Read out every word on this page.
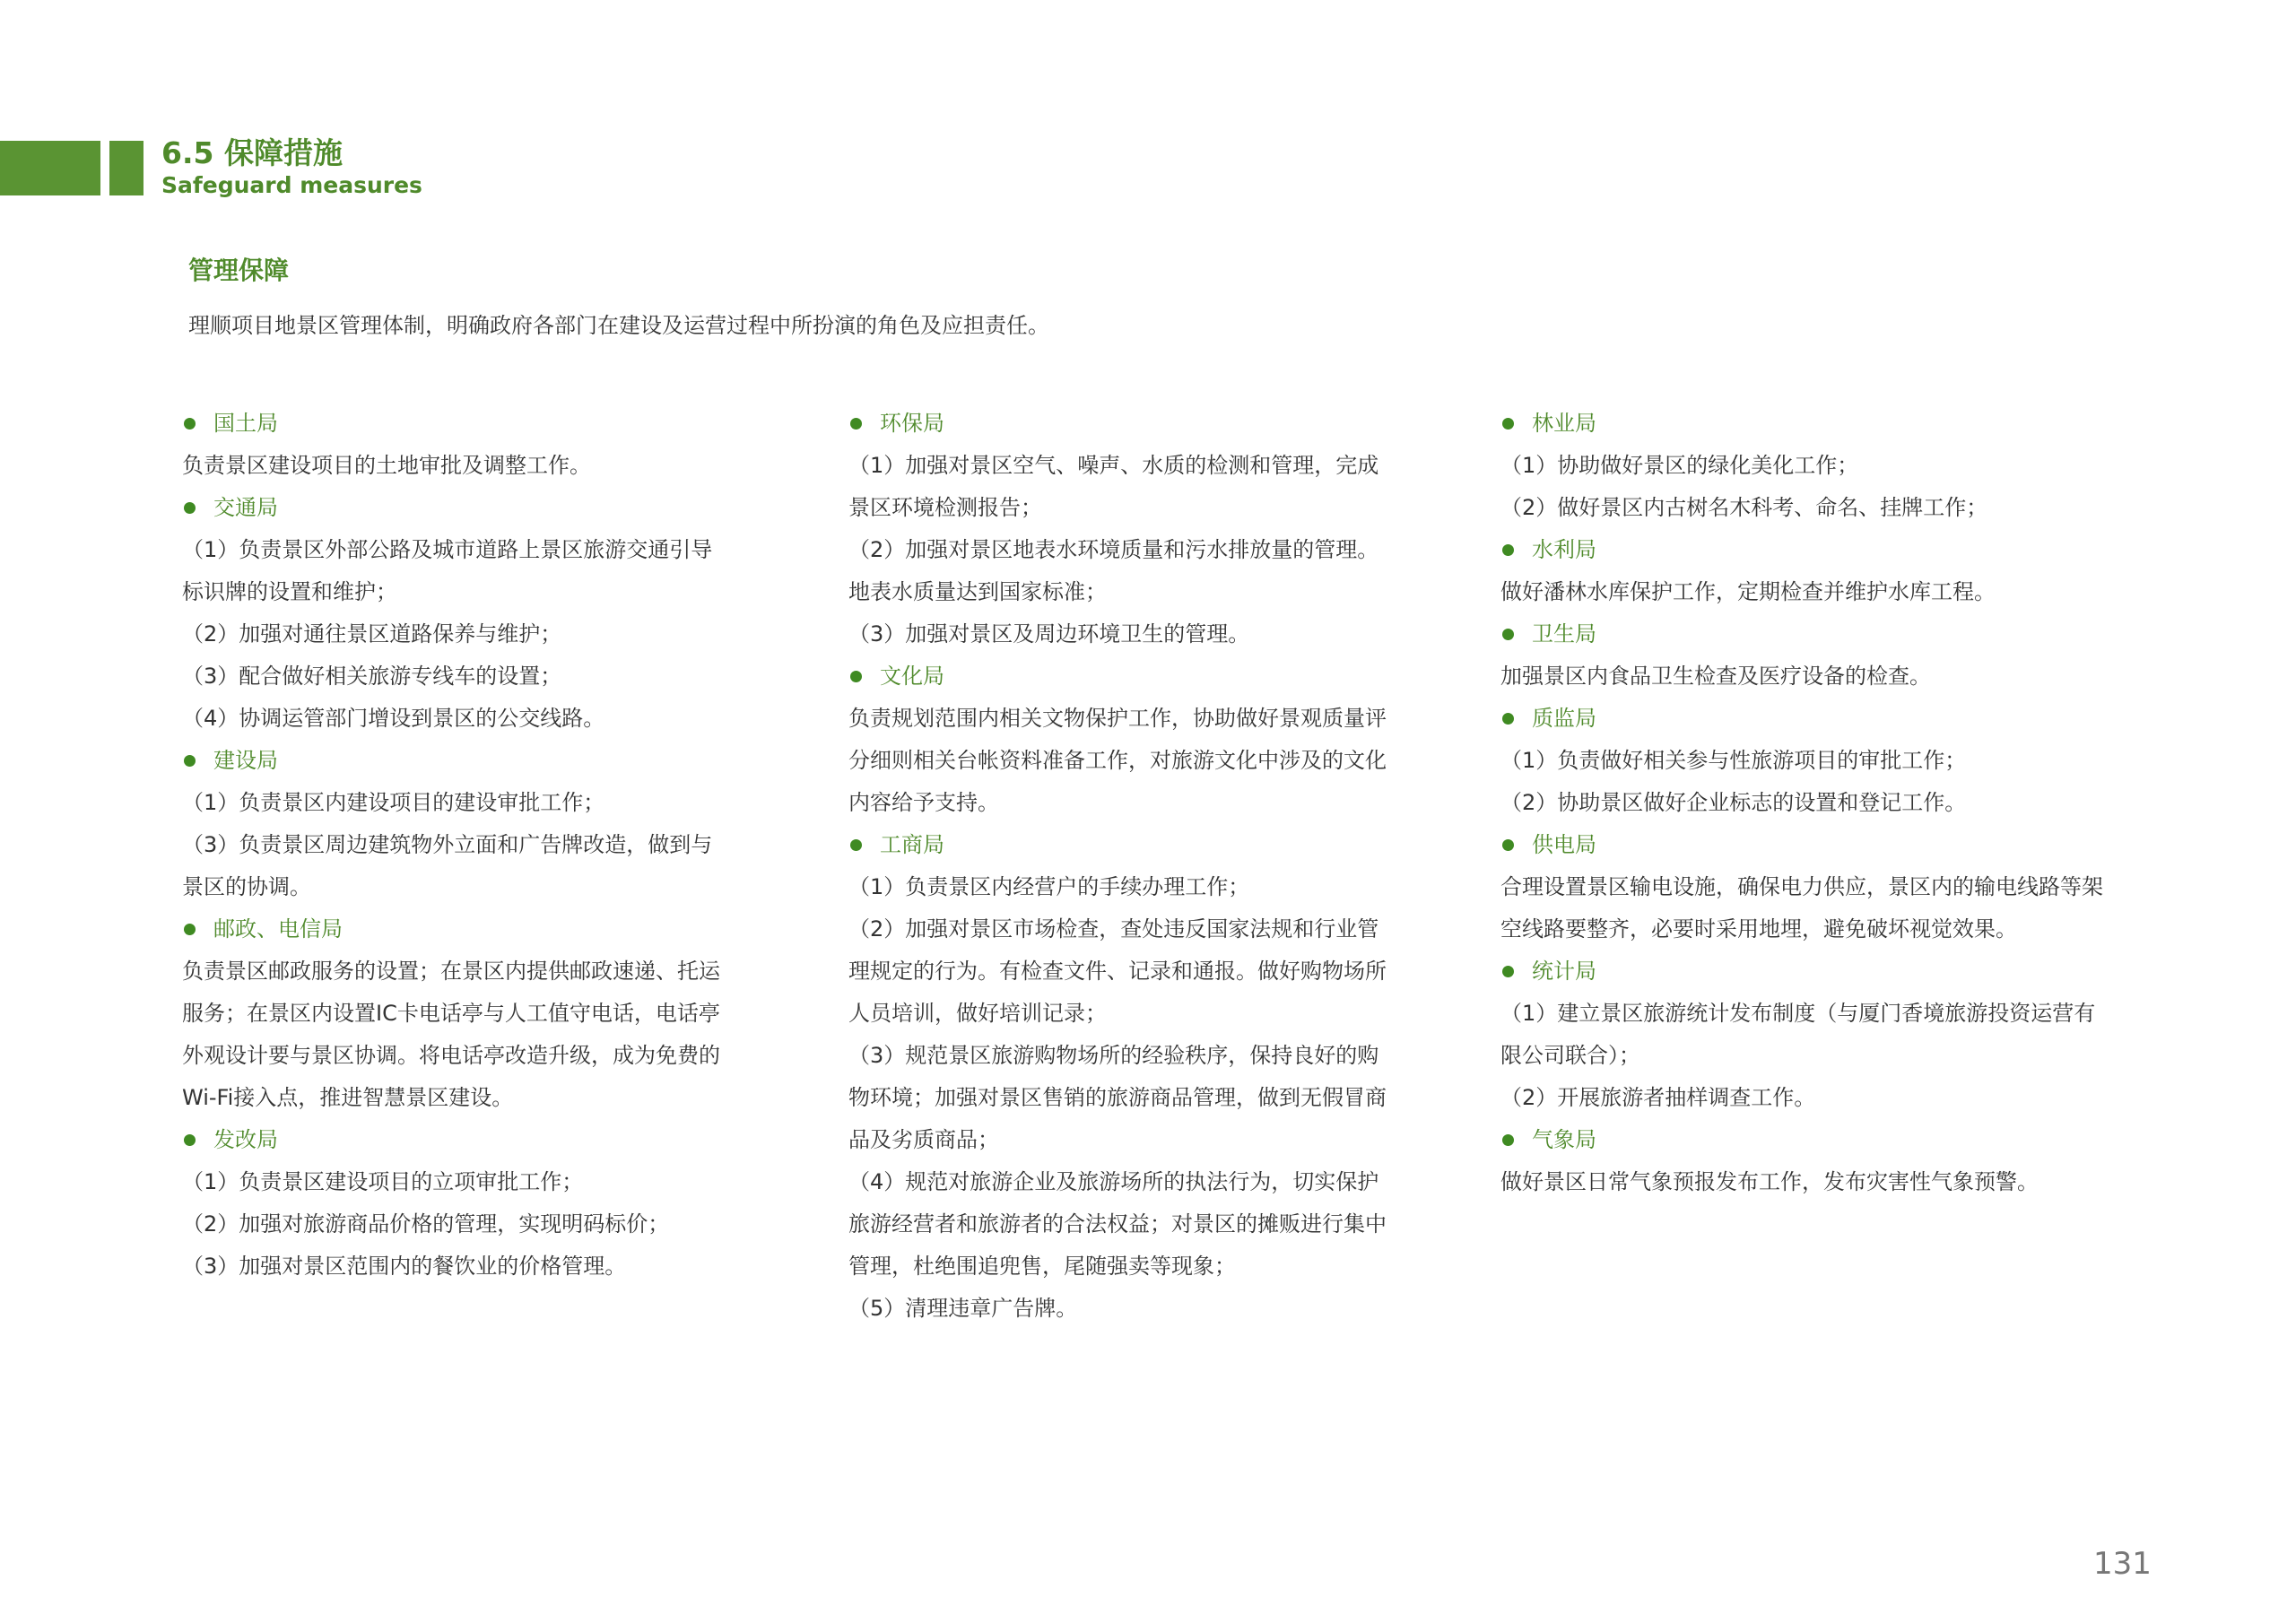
6.5 保障措施
Safeguard measures
管理保障
理顺项目地景区管理体制，明确政府各部门在建设及运营过程中所扮演的角色及应担责任。
国土局
负责景区建设项目的土地审批及调整工作。
交通局
（1）负责景区外部公路及城市道路上景区旅游交通引导
标识牌的设置和维护；
（2）加强对通往景区道路保养与维护；
（3）配合做好相关旅游专线车的设置；
（4）协调运管部门增设到景区的公交线路。
建设局
（1）负责景区内建设项目的建设审批工作；
（3）负责景区周边建筑物外立面和广告牌改造，做到与
景区的协调。
邮政、电信局
负责景区邮政服务的设置；在景区内提供邮政速递、托运
服务；在景区内设置IC卡电话亭与人工值守电话，电话亭
外观设计要与景区协调。将电话亭改造升级，成为免费的
Wi-Fi接入点，推进智慧景区建设。
发改局
（1）负责景区建设项目的立项审批工作；
（2）加强对旅游商品价格的管理，实现明码标价；
（3）加强对景区范围内的餐饮业的价格管理。
环保局
（1）加强对景区空气、噪声、水质的检测和管理，完成
景区环境检测报告；
（2）加强对景区地表水环境质量和污水排放量的管理。
地表水质量达到国家标准；
（3）加强对景区及周边环境卫生的管理。
文化局
负责规划范围内相关文物保护工作，协助做好景观质量评
分细则相关台帐资料准备工作，对旅游文化中涉及的文化
内容给予支持。
工商局
（1）负责景区内经营户的手续办理工作；
（2）加强对景区市场检查，查处违反国家法规和行业管
理规定的行为。有检查文件、记录和通报。做好购物场所
人员培训，做好培训记录；
（3）规范景区旅游购物场所的经验秩序，保持良好的购
物环境；加强对景区售销的旅游商品管理，做到无假冒商
品及劣质商品；
（4）规范对旅游企业及旅游场所的执法行为，切实保护
旅游经营者和旅游者的合法权益；对景区的摊贩进行集中
管理，杜绝围追兜售，尾随强卖等现象；
（5）清理违章广告牌。
林业局
（1）协助做好景区的绿化美化工作；
（2）做好景区内古树名木科考、命名、挂牌工作；
水利局
做好潘林水库保护工作，定期检查并维护水库工程。
卫生局
加强景区内食品卫生检查及医疗设备的检查。
质监局
（1）负责做好相关参与性旅游项目的审批工作；
（2）协助景区做好企业标志的设置和登记工作。
供电局
合理设置景区输电设施，确保电力供应，景区内的输电线路等架
空线路要整齐，必要时采用地埋，避免破坏视觉效果。
统计局
（1）建立景区旅游统计发布制度（与厦门香境旅游投资运营有
限公司联合）；
（2）开展旅游者抽样调查工作。
气象局
做好景区日常气象预报发布工作，发布灾害性气象预警。
131
